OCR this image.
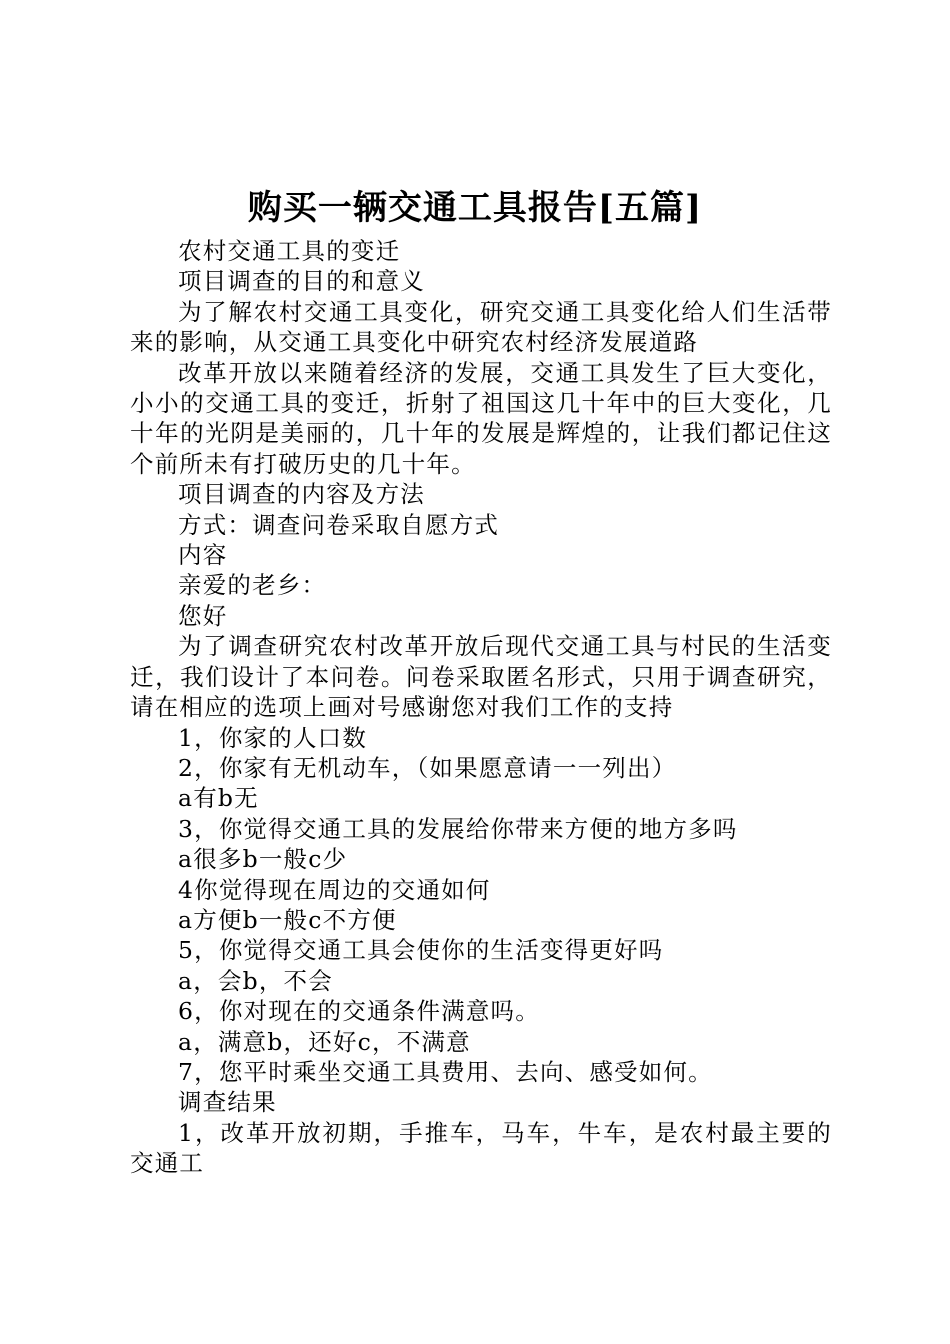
购买一辆交通工具报告[五篇]

农村交通工具的变迁

项目调查的目的和意义

为了解农村交通工具变化，研究交通工具变化给人们生活带来的影响，从交通工具变化中研究农村经济发展道路

改革开放以来随着经济的发展，交通工具发生了巨大变化，小小的交通工具的变迁，折射了祖国这几十年中的巨大变化，几十年的光阴是美丽的，几十年的发展是辉煌的，让我们都记住这个前所未有打破历史的几十年。

项目调查的内容及方法

方式：调查问卷采取自愿方式

内容

亲爱的老乡：

您好

为了调查研究农村改革开放后现代交通工具与村民的生活变迁，我们设计了本问卷。问卷采取匿名形式，只用于调查研究，请在相应的选项上画对号感谢您对我们工作的支持

1，你家的人口数

2，你家有无机动车，（如果愿意请一一列出）

a有b无

3，你觉得交通工具的发展给你带来方便的地方多吗

a很多b一般c少

4你觉得现在周边的交通如何

a方便b一般c不方便

5，你觉得交通工具会使你的生活变得更好吗

a，会b，不会

6，你对现在的交通条件满意吗。

a，满意b，还好c，不满意

7，您平时乘坐交通工具费用、去向、感受如何。

调查结果

1，改革开放初期，手推车，马车，牛车，是农村最主要的交通工
